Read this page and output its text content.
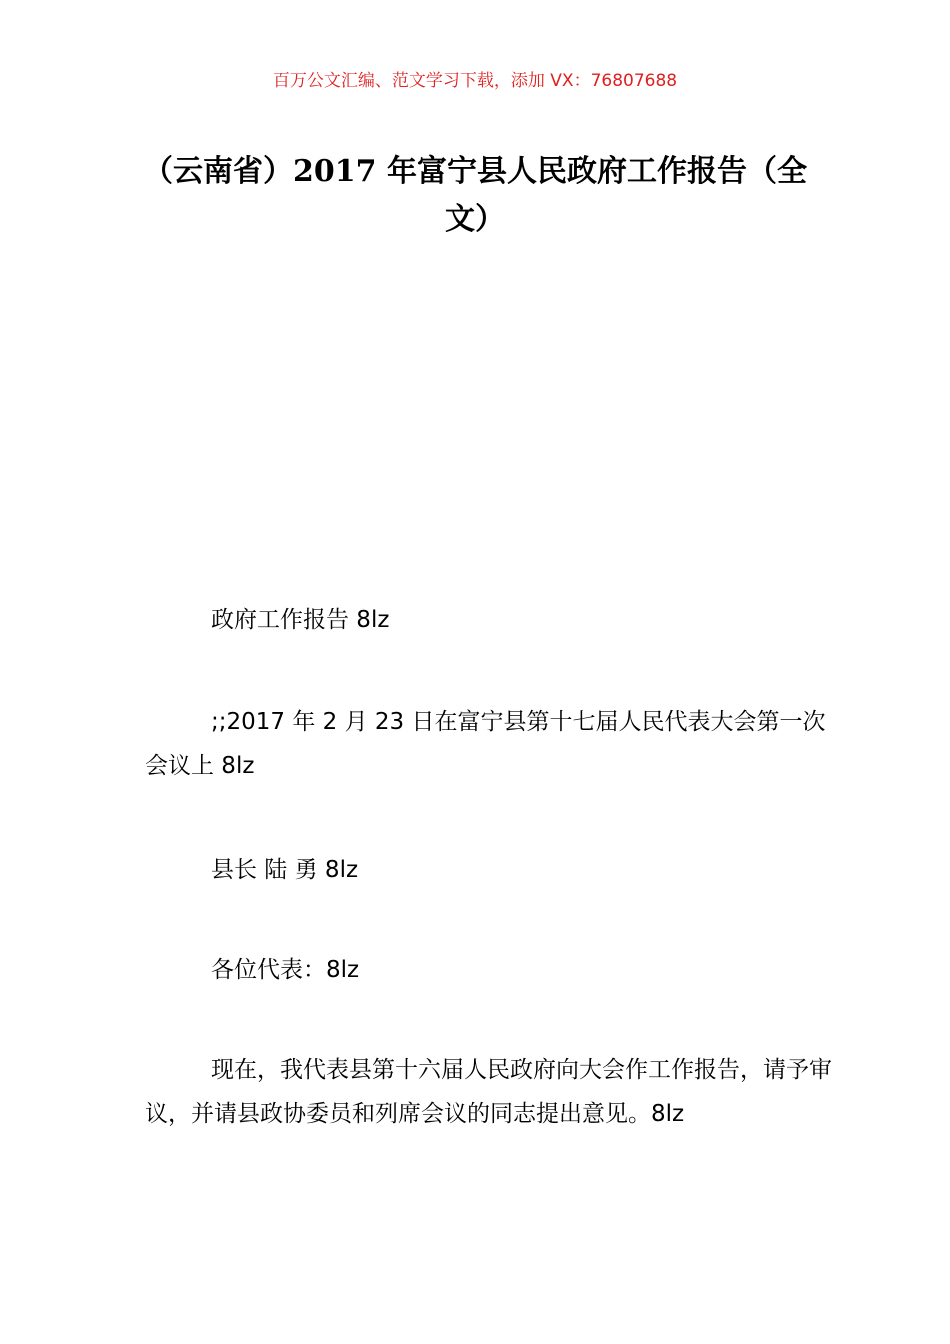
百万公文汇编、范文学习下载，添加 VX：76807688
（云南省）2017 年富宁县人民政府工作报告（全文）
政府工作报告 8lz
;;2017 年 2 月 23 日在富宁县第十七届人民代表大会第一次会议上 8lz
县长 陆 勇 8lz
各位代表：8lz
现在，我代表县第十六届人民政府向大会作工作报告，请予审议，并请县政协委员和列席会议的同志提出意见。8lz
